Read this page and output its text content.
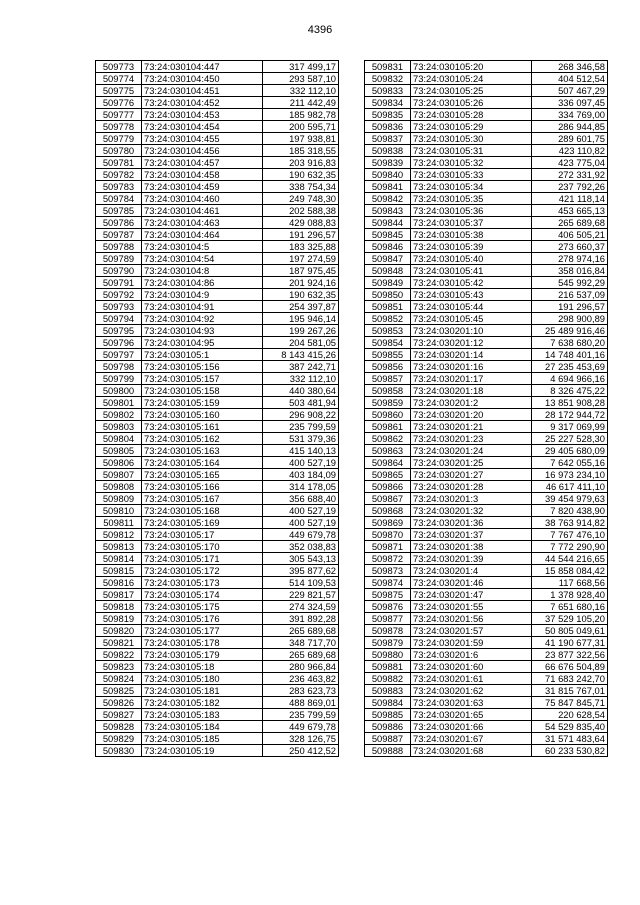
4396
509773	73:24:030104:447	317 499,17
509774	73:24:030104:450	293 587,10
509775	73:24:030104:451	332 112,10
509776	73:24:030104:452	211 442,49
509777	73:24:030104:453	185 982,78
509778	73:24:030104:454	200 595,71
509779	73:24:030104:455	197 938,81
509780	73:24:030104:456	185 318,55
509781	73:24:030104:457	203 916,83
509782	73:24:030104:458	190 632,35
509783	73:24:030104:459	338 754,34
509784	73:24:030104:460	249 748,30
509785	73:24:030104:461	202 588,38
509786	73:24:030104:463	429 088,83
509787	73:24:030104:464	191 296,57
509788	73:24:030104:5	183 325,88
509789	73:24:030104:54	197 274,59
509790	73:24:030104:8	187 975,45
509791	73:24:030104:86	201 924,16
509792	73:24:030104:9	190 632,35
509793	73:24:030104:91	254 397,87
509794	73:24:030104:92	195 946,14
509795	73:24:030104:93	199 267,26
509796	73:24:030104:95	204 581,05
509797	73:24:030105:1	8 143 415,26
509798	73:24:030105:156	387 242,71
509799	73:24:030105:157	332 112,10
509800	73:24:030105:158	440 380,64
509801	73:24:030105:159	503 481,94
509802	73:24:030105:160	296 908,22
509803	73:24:030105:161	235 799,59
509804	73:24:030105:162	531 379,36
509805	73:24:030105:163	415 140,13
509806	73:24:030105:164	400 527,19
509807	73:24:030105:165	403 184,09
509808	73:24:030105:166	314 178,05
509809	73:24:030105:167	356 688,40
509810	73:24:030105:168	400 527,19
509811	73:24:030105:169	400 527,19
509812	73:24:030105:17	449 679,78
509813	73:24:030105:170	352 038,83
509814	73:24:030105:171	305 543,13
509815	73:24:030105:172	395 877,62
509816	73:24:030105:173	514 109,53
509817	73:24:030105:174	229 821,57
509818	73:24:030105:175	274 324,59
509819	73:24:030105:176	391 892,28
509820	73:24:030105:177	265 689,68
509821	73:24:030105:178	348 717,70
509822	73:24:030105:179	265 689,68
509823	73:24:030105:18	280 966,84
509824	73:24:030105:180	236 463,82
509825	73:24:030105:181	283 623,73
509826	73:24:030105:182	488 869,01
509827	73:24:030105:183	235 799,59
509828	73:24:030105:184	449 679,78
509829	73:24:030105:185	328 126,75
509830	73:24:030105:19	250 412,52
509831	73:24:030105:20	268 346,58
509832	73:24:030105:24	404 512,54
509833	73:24:030105:25	507 467,29
509834	73:24:030105:26	336 097,45
509835	73:24:030105:28	334 769,00
509836	73:24:030105:29	286 944,85
509837	73:24:030105:30	289 601,75
509838	73:24:030105:31	423 110,82
509839	73:24:030105:32	423 775,04
509840	73:24:030105:33	272 331,92
509841	73:24:030105:34	237 792,26
509842	73:24:030105:35	421 118,14
509843	73:24:030105:36	453 665,13
509844	73:24:030105:37	265 689,68
509845	73:24:030105:38	406 505,21
509846	73:24:030105:39	273 660,37
509847	73:24:030105:40	278 974,16
509848	73:24:030105:41	358 016,84
509849	73:24:030105:42	545 992,29
509850	73:24:030105:43	216 537,09
509851	73:24:030105:44	191 296,57
509852	73:24:030105:45	298 900,89
509853	73:24:030201:10	25 489 916,46
509854	73:24:030201:12	7 638 680,20
509855	73:24:030201:14	14 748 401,16
509856	73:24:030201:16	27 235 453,69
509857	73:24:030201:17	4 694 966,16
509858	73:24:030201:18	8 326 475,22
509859	73:24:030201:2	13 851 908,28
509860	73:24:030201:20	28 172 944,72
509861	73:24:030201:21	9 317 069,99
509862	73:24:030201:23	25 227 528,30
509863	73:24:030201:24	29 405 680,09
509864	73:24:030201:25	7 642 055,16
509865	73:24:030201:27	16 973 234,10
509866	73:24:030201:28	46 617 411,10
509867	73:24:030201:3	39 454 979,63
509868	73:24:030201:32	7 820 438,90
509869	73:24:030201:36	38 763 914,82
509870	73:24:030201:37	7 767 476,10
509871	73:24:030201:38	7 772 290,90
509872	73:24:030201:39	44 544 216,65
509873	73:24:030201:4	15 858 084,42
509874	73:24:030201:46	117 668,56
509875	73:24:030201:47	1 378 928,40
509876	73:24:030201:55	7 651 680,16
509877	73:24:030201:56	37 529 105,20
509878	73:24:030201:57	50 805 049,61
509879	73:24:030201:59	41 190 677,31
509880	73:24:030201:6	23 877 322,56
509881	73:24:030201:60	66 676 504,89
509882	73:24:030201:61	71 683 242,70
509883	73:24:030201:62	31 815 767,01
509884	73:24:030201:63	75 847 845,71
509885	73:24:030201:65	220 628,54
509886	73:24:030201:66	54 529 835,40
509887	73:24:030201:67	31 571 483,64
509888	73:24:030201:68	60 233 530,82
